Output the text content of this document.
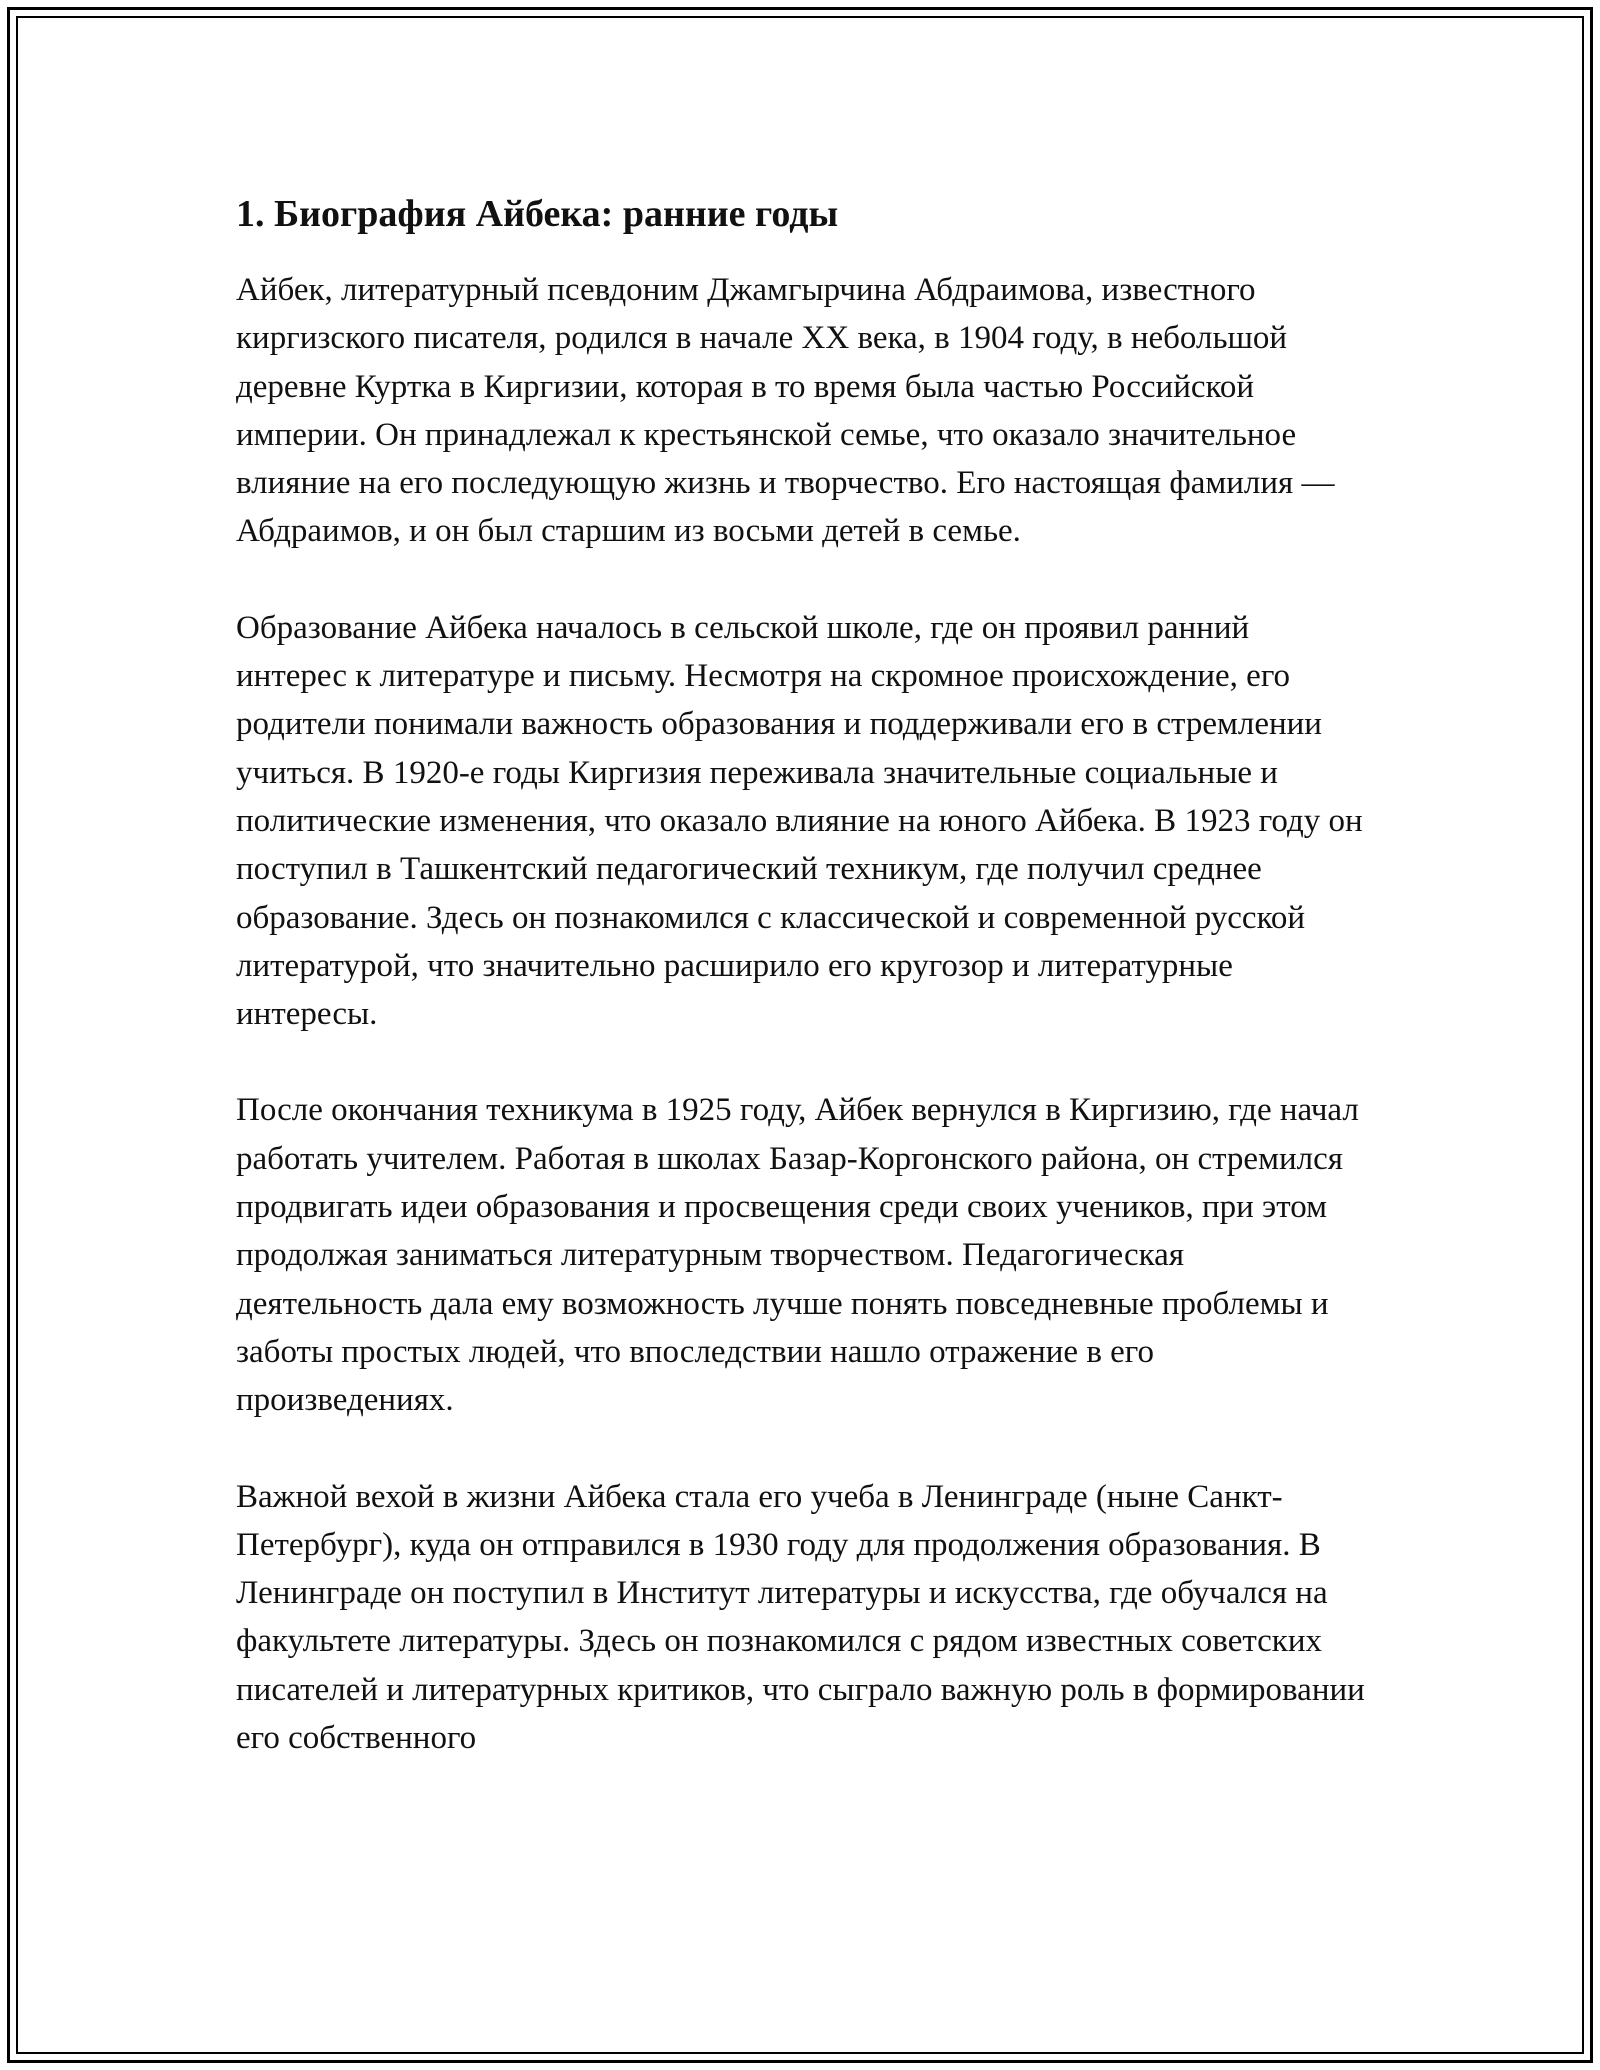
1. Биография Айбека: ранние годы

Айбек, литературный псевдоним Джамгырчина Абдраимова, известного киргизского писателя, родился в начале XX века, в 1904 году, в небольшой деревне Куртка в Киргизии, которая в то время была частью Российской империи. Он принадлежал к крестьянской семье, что оказало значительное влияние на его последующую жизнь и творчество. Его настоящая фамилия — Абдраимов, и он был старшим из восьми детей в семье.

Образование Айбека началось в сельской школе, где он проявил ранний интерес к литературе и письму. Несмотря на скромное происхождение, его родители понимали важность образования и поддерживали его в стремлении учиться. В 1920-е годы Киргизия переживала значительные социальные и политические изменения, что оказало влияние на юного Айбека. В 1923 году он поступил в Ташкентский педагогический техникум, где получил среднее образование. Здесь он познакомился с классической и современной русской литературой, что значительно расширило его кругозор и литературные интересы.

После окончания техникума в 1925 году, Айбек вернулся в Киргизию, где начал работать учителем. Работая в школах Базар-Коргонского района, он стремился продвигать идеи образования и просвещения среди своих учеников, при этом продолжая заниматься литературным творчеством. Педагогическая деятельность дала ему возможность лучше понять повседневные проблемы и заботы простых людей, что впоследствии нашло отражение в его произведениях.

Важной вехой в жизни Айбека стала его учеба в Ленинграде (ныне Санкт-Петербург), куда он отправился в 1930 году для продолжения образования. В Ленинграде он поступил в Институт литературы и искусства, где обучался на факультете литературы. Здесь он познакомился с рядом известных советских писателей и литературных критиков, что сыграло важную роль в формировании его собственного
